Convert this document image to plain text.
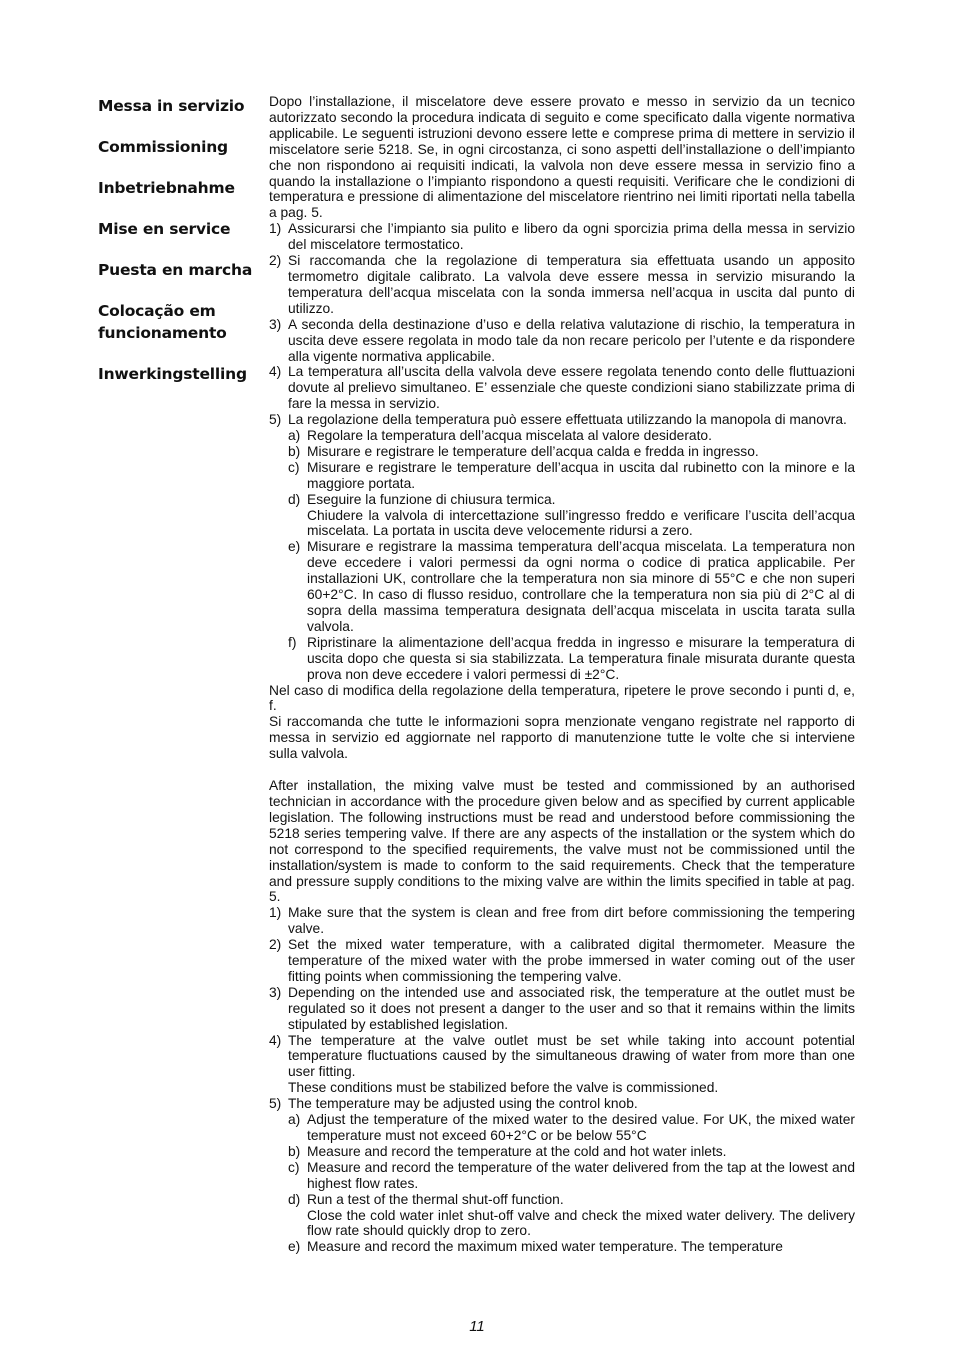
Messa in servizio
Commissioning
Inbetriebnahme
Mise en service
Puesta en marcha
Colocação em funcionamento
Inwerkingstelling

Dopo l’installazione, il miscelatore deve essere provato e messo in servizio da un tecnico autorizzato secondo la procedura indicata di seguito e come specificato dalla vigente normativa applicabile. Le seguenti istruzioni devono essere lette e comprese prima di mettere in servizio il miscelatore serie 5218. Se, in ogni circostanza, ci sono aspetti dell’installazione o dell’impianto che non rispondono ai requisiti indicati, la valvola non deve essere messa in servizio fino a quando la installazione o l’impianto rispondono a questi requisiti. Verificare che le condizioni di temperatura e pressione di alimentazione del miscelatore rientrino nei limiti riportati nella tabella a pag. 5.

1) Assicurarsi che l’impianto sia pulito e libero da ogni sporcizia prima della messa in servizio del miscelatore termostatico.
2) Si raccomanda che la regolazione di temperatura sia effettuata usando un apposito termometro digitale calibrato. La valvola deve essere messa in servizio misurando la temperatura dell’acqua miscelata con la sonda immersa nell’acqua in uscita dal punto di utilizzo.
3) A seconda della destinazione d’uso e della relativa valutazione di rischio, la temperatura in uscita deve essere regolata in modo tale da non recare pericolo per l’utente e da rispondere alla vigente normativa applicabile.
4) La temperatura all’uscita della valvola deve essere regolata tenendo conto delle fluttuazioni dovute al prelievo simultaneo. E’ essenziale che queste condizioni siano stabilizzate prima di fare la messa in servizio.
5) La regolazione della temperatura può essere effettuata utilizzando la manopola di manovra.
a) Regolare la temperatura dell’acqua miscelata al valore desiderato.
b) Misurare e registrare le temperature dell’acqua calda e fredda in ingresso.
c) Misurare e registrare le temperature dell’acqua in uscita dal rubinetto con la minore e la maggiore portata.
d) Eseguire la funzione di chiusura termica.
Chiudere la valvola di intercettazione sull’ingresso freddo e verificare l’uscita dell’acqua miscelata. La portata in uscita deve velocemente ridursi a zero.
e) Misurare e registrare la massima temperatura dell’acqua miscelata. La temperatura non deve eccedere i valori permessi da ogni norma o codice di pratica applicabile. Per installazioni UK, controllare che la temperatura non sia minore di 55°C e che non superi 60+2°C. In caso di flusso residuo, controllare che la temperatura non sia più di 2°C al di sopra della massima temperatura designata dell’acqua miscelata in uscita tarata sulla valvola.
f) Ripristinare la alimentazione dell’acqua fredda in ingresso e misurare la temperatura di uscita dopo che questa si sia stabilizzata. La temperatura finale misurata durante questa prova non deve eccedere i valori permessi di ±2°C.

Nel caso di modifica della regolazione della temperatura, ripetere le prove secondo i punti d, e, f.

Si raccomanda che tutte le informazioni sopra menzionate vengano registrate nel rapporto di messa in servizio ed aggiornate nel rapporto di manutenzione tutte le volte che si interviene sulla valvola.

After installation, the mixing valve must be tested and commissioned by an authorised technician in accordance with the procedure given below and as specified by current applicable legislation. The following instructions must be read and understood before commissioning the 5218 series tempering valve. If there are any aspects of the installation or the system which do not correspond to the specified requirements, the valve must not be commissioned until the installation/system is made to conform to the said requirements. Check that the temperature and pressure supply conditions to the mixing valve are within the limits specified in table at pag. 5.

1) Make sure that the system is clean and free from dirt before commissioning the tempering valve.
2) Set the mixed water temperature, with a calibrated digital thermometer. Measure the temperature of the mixed water with the probe immersed in water coming out of the user fitting points when commissioning the tempering valve.
3) Depending on the intended use and associated risk, the temperature at the outlet must be regulated so it does not present a danger to the user and so that it remains within the limits stipulated by established legislation.
4) The temperature at the valve outlet must be set while taking into account potential temperature fluctuations caused by the simultaneous drawing of water from more than one user fitting.
These conditions must be stabilized before the valve is commissioned.
5) The temperature may be adjusted using the control knob.
a) Adjust the temperature of the mixed water to the desired value. For UK, the mixed water temperature must not exceed 60+2°C or be below 55°C
b) Measure and record the temperature at the cold and hot water inlets.
c) Measure and record the temperature of the water delivered from the tap at the lowest and highest flow rates.
d) Run a test of the thermal shut-off function.
Close the cold water inlet shut-off valve and check the mixed water delivery. The delivery flow rate should quickly drop to zero.
e) Measure and record the maximum mixed water temperature. The temperature
11
